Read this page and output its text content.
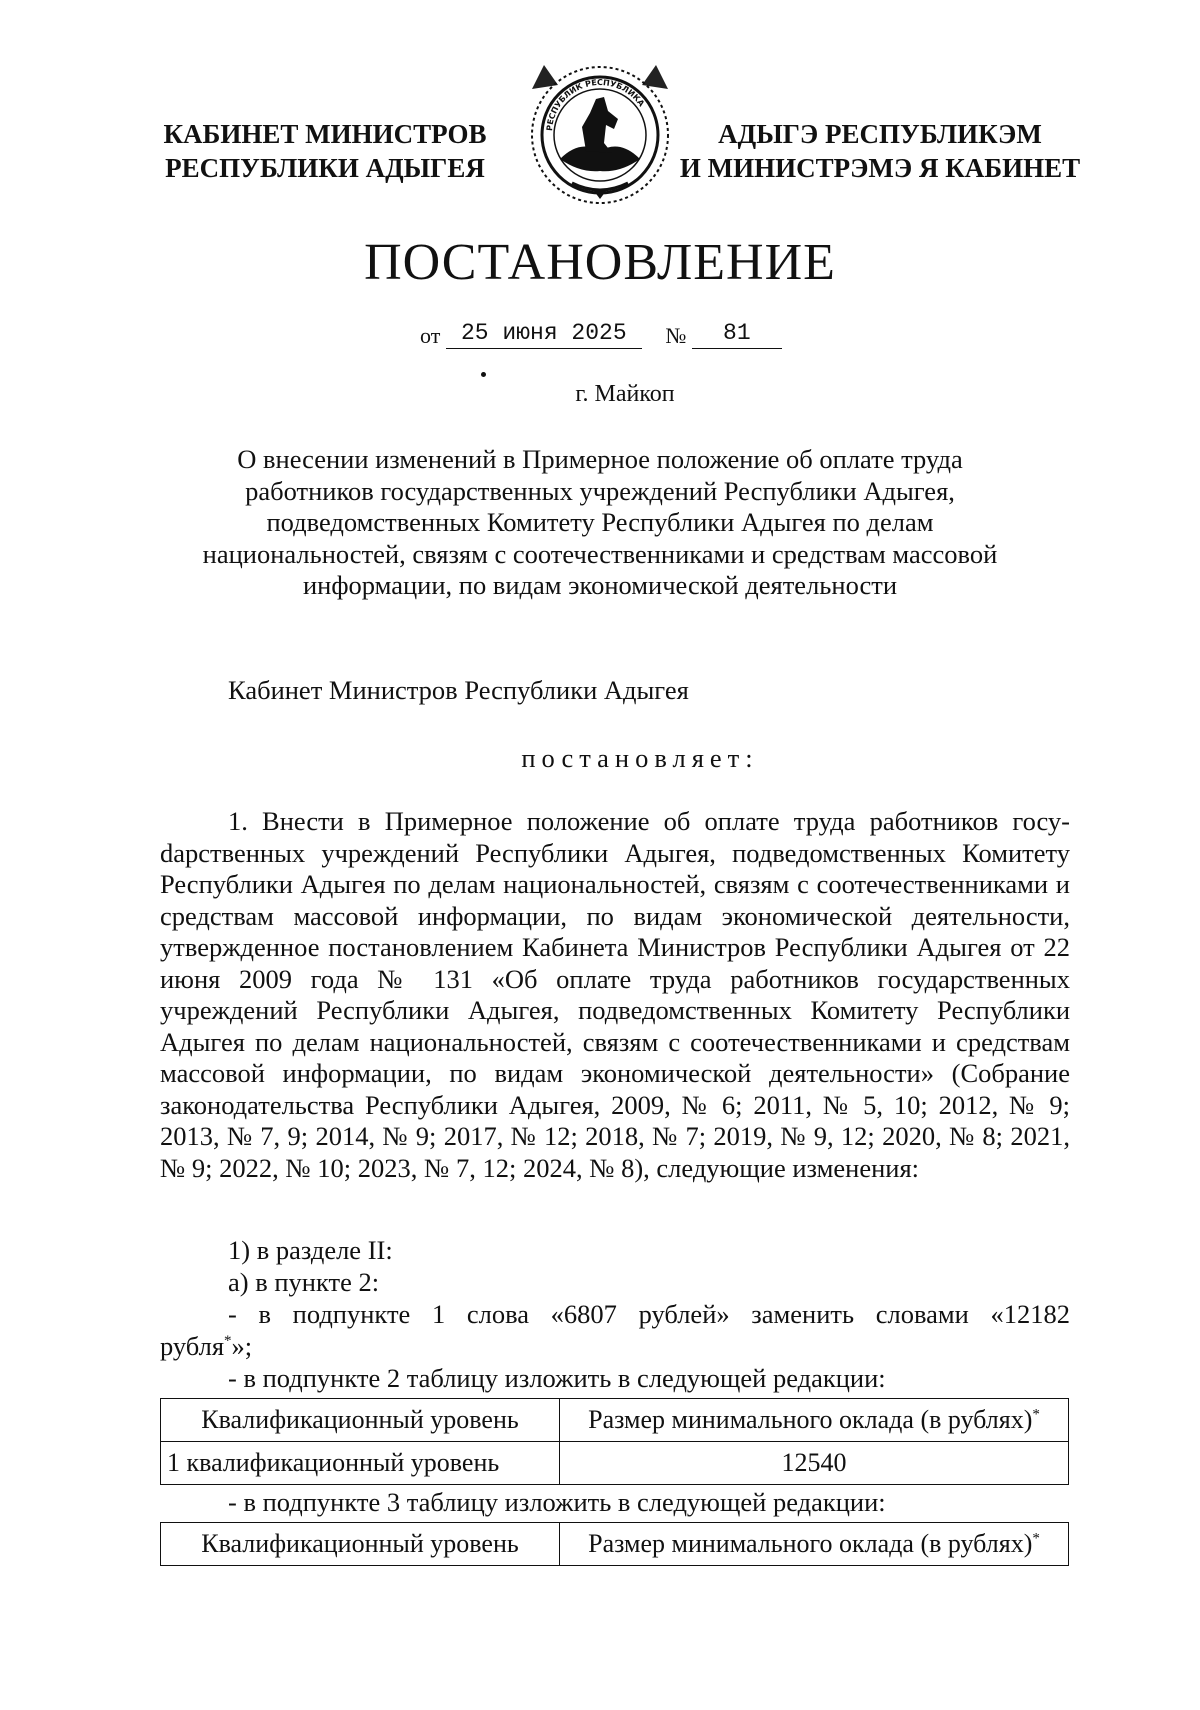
КАБИНЕТ МИНИСТРОВ
РЕСПУБЛИКИ АДЫГЕЯ
РЕСПУБЛИК РЕСПУБЛИКА
АДЫГЭ РЕСПУБЛИКЭМ
И МИНИСТРЭМЭ Я КАБИНЕТ
ПОСТАНОВЛЕНИЕ
от 25 июня 2025 № 81
г. Майкоп
О внесении изменений в Примерное положение об оплате труда
работников государственных учреждений Республики Адыгея,
подведомственных Комитету Республики Адыгея по делам
национальностей, связям с соотечественниками и средствам массовой
информации, по видам экономической деятельности
Кабинет Министров Республики Адыгея
постановляет:
1. Внести в Примерное положение об оплате труда работников госуdарственных учреждений Республики Адыгея, подведомственных Комитету Республики Адыгея по делам национальностей, связям с соотечественниками и средствам массовой информации, по видам экономической деятельности, утвержденное постановлением Кабинета Министров Республики Адыгея от 22 июня 2009 года № 131 «Об оплате труда работников государственных учреждений Республики Адыгея, подведомственных Комитету Республики Адыгея по делам национальностей, связям с соотечественниками и средствам массовой информации, по видам экономической деятельности» (Собрание законодательства Республики Адыгея, 2009, № 6; 2011, № 5, 10; 2012, № 9; 2013, № 7, 9; 2014, № 9; 2017, № 12; 2018, № 7; 2019, № 9, 12; 2020, № 8; 2021, № 9; 2022, № 10; 2023, № 7, 12; 2024, № 8), следующие изменения:
1) в разделе II:
а) в пункте 2:
- в подпункте 1 слова «6807 рублей» заменить словами «12182 рубля*»;
- в подпункте 2 таблицу изложить в следующей редакции:
Квалификационный уровень	Размер минимального оклада (в рублях)*
1 квалификационный уровень	12540
- в подпункте 3 таблицу изложить в следующей редакции:
Квалификационный уровень	Размер минимального оклада (в рублях)*
